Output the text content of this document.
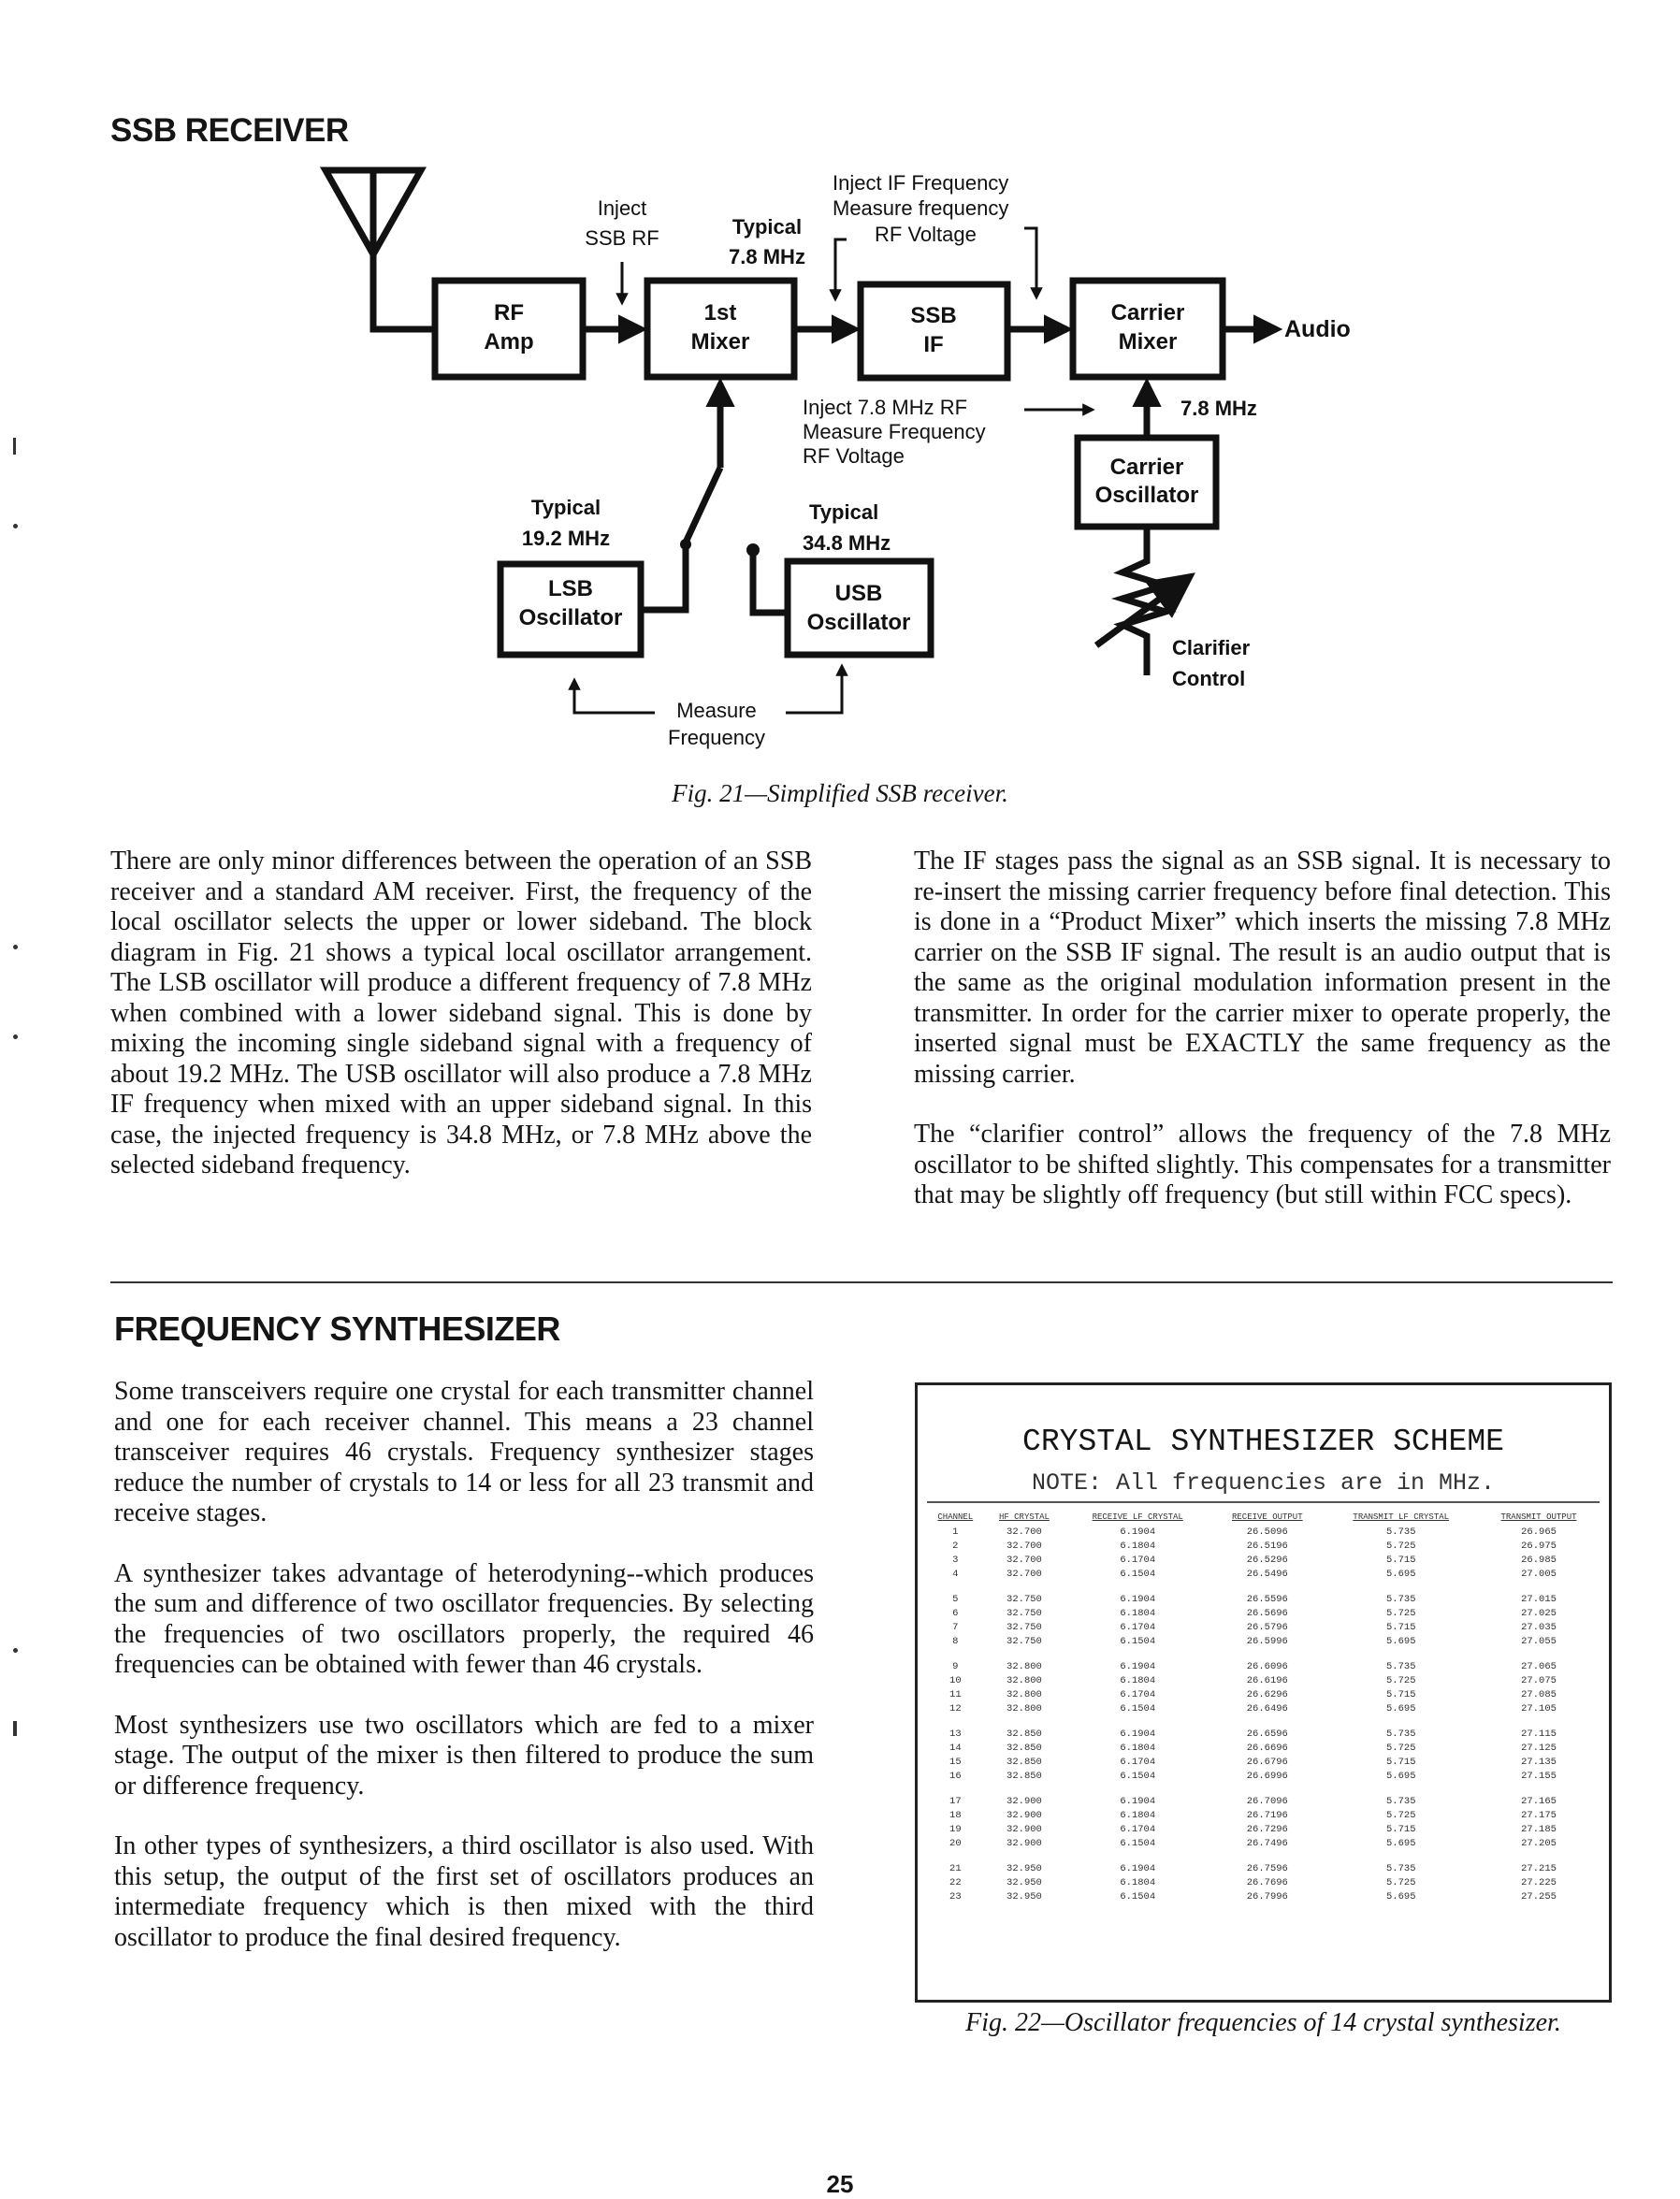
SSB RECEIVER
RF
Amp
1st
Mixer
SSB
IF
Carrier
Mixer
Carrier
Oscillator
LSB
Oscillator
USB
Oscillator
Inject
SSB RF	Typical
7.8 MHz
Inject IF Frequency
Measure frequency
RF Voltage
Audio
Inject 7.8 MHz RF
Measure Frequency
RF Voltage
7.8 MHz
Typical
19.2 MHz
Typical
34.8 MHz
Clarifier
Control
Measure
Frequency
Fig. 21—Simplified SSB receiver.

There are only minor differences between the operation of an SSB receiver and a standard AM receiver. First, the frequency of the local oscillator selects the upper or lower sideband. The block diagram in Fig. 21 shows a typical local oscillator arrangement. The LSB oscillator will produce a different frequency of 7.8 MHz when combined with a lower sideband signal. This is done by mixing the incoming single sideband signal with a frequency of about 19.2 MHz. The USB oscillator will also produce a 7.8 MHz IF frequency when mixed with an upper sideband signal. In this case, the injected frequency is 34.8 MHz, or 7.8 MHz above the selected sideband frequency.

The IF stages pass the signal as an SSB signal. It is necessary to re-insert the missing carrier frequency before final detection. This is done in a “Product Mixer” which inserts the missing 7.8 MHz carrier on the SSB IF signal. The result is an audio output that is the same as the original modulation information present in the transmitter. In order for the carrier mixer to operate properly, the inserted signal must be EXACTLY the same frequency as the missing carrier.

The “clarifier control” allows the frequency of the 7.8 MHz oscillator to be shifted slightly. This compensates for a transmitter that may be slightly off frequency (but still within FCC specs).

FREQUENCY SYNTHESIZER

Some transceivers require one crystal for each transmitter channel and one for each receiver channel. This means a 23 channel transceiver requires 46 crystals. Frequency synthesizer stages reduce the number of crystals to 14 or less for all 23 transmit and receive stages.

A synthesizer takes advantage of heterodyning--which produces the sum and difference of two oscillator frequencies. By selecting the frequencies of two oscillators properly, the required 46 frequencies can be obtained with fewer than 46 crystals.

Most synthesizers use two oscillators which are fed to a mixer stage. The output of the mixer is then filtered to produce the sum or difference frequency.

In other types of synthesizers, a third oscillator is also used. With this setup, the output of the first set of oscillators produces an intermediate frequency which is then mixed with the third oscillator to produce the final desired frequency.

CRYSTAL SYNTHESIZER SCHEME
NOTE: All frequencies are in MHz.
CHANNEL	HF CRYSTAL	RECEIVE LF CRYSTAL	RECEIVE OUTPUT	TRANSMIT LF CRYSTAL	TRANSMIT OUTPUT
1	32.700	6.1904	26.5096	5.735	26.965
2	32.700	6.1804	26.5196	5.725	26.975
3	32.700	6.1704	26.5296	5.715	26.985
4	32.700	6.1504	26.5496	5.695	27.005
5	32.750	6.1904	26.5596	5.735	27.015
6	32.750	6.1804	26.5696	5.725	27.025
7	32.750	6.1704	26.5796	5.715	27.035
8	32.750	6.1504	26.5996	5.695	27.055
9	32.800	6.1904	26.6096	5.735	27.065
10	32.800	6.1804	26.6196	5.725	27.075
11	32.800	6.1704	26.6296	5.715	27.085
12	32.800	6.1504	26.6496	5.695	27.105
13	32.850	6.1904	26.6596	5.735	27.115
14	32.850	6.1804	26.6696	5.725	27.125
15	32.850	6.1704	26.6796	5.715	27.135
16	32.850	6.1504	26.6996	5.695	27.155
17	32.900	6.1904	26.7096	5.735	27.165
18	32.900	6.1804	26.7196	5.725	27.175
19	32.900	6.1704	26.7296	5.715	27.185
20	32.900	6.1504	26.7496	5.695	27.205
21	32.950	6.1904	26.7596	5.735	27.215
22	32.950	6.1804	26.7696	5.725	27.225
23	32.950	6.1504	26.7996	5.695	27.255
Fig. 22—Oscillator frequencies of 14 crystal synthesizer.
25
